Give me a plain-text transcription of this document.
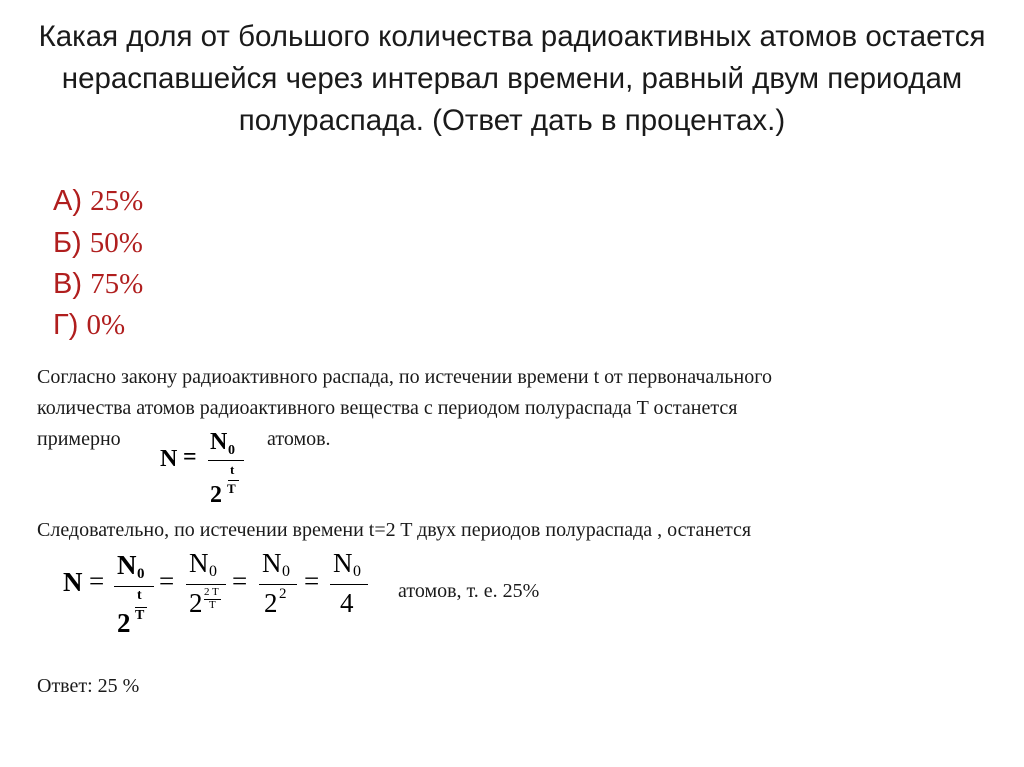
Какая доля от большого количества радиоактивных атомов остается
нераспавшейся через интервал времени, равный двум периодам
полураспада. (Ответ дать в процентах.)
А) 25%
Б) 50%
В) 75%
Г) 0%
Согласно закону радиоактивного распада, по истечении времени t от первоначального
количества атомов радиоактивного вещества с периодом полураспада T останется
примерно	атомов.
N =
N 0
t
2 T
Следовательно, по истечении времени t=2 T двух периодов полураспада , останется
N =
N 0
t
2 T
=
N 0
2 2 T
T
=
N 0
2 2 =
N 0
4 атомов, т. е. 25%
Ответ: 25 %
